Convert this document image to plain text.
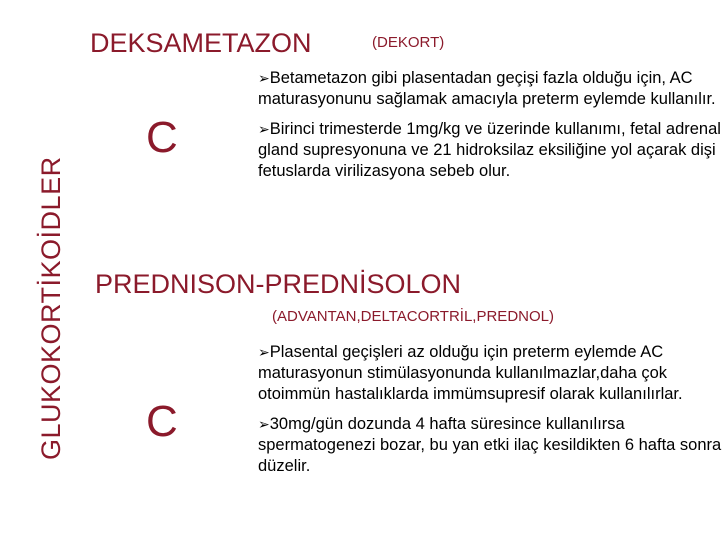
GLUKOKORTİKOİDLER
DEKSAMETAZON	(DEKORT)
C
➢Betametazon gibi plasentadan geçişi fazla olduğu için, AC maturasyonunu sağlamak amacıyla preterm eylemde kullanılır.
➢Birinci trimesterde 1mg/kg ve üzerinde kullanımı, fetal adrenal gland supresyonuna ve 21 hidroksilaz eksiliğine yol açarak dişi fetuslarda virilizasyona sebeb olur.
PREDNISON-PREDNİSOLON
(ADVANTAN,DELTACORTRİL,PREDNOL)
C
➢Plasental geçişleri az olduğu için preterm eylemde AC maturasyonun stimülasyonunda kullanılmazlar,daha çok otoimmün hastalıklarda immümsupresif olarak kullanılırlar.
➢30mg/gün dozunda 4 hafta süresince kullanılırsa spermatogenezi bozar, bu yan etki ilaç kesildikten 6 hafta sonra düzelir.
